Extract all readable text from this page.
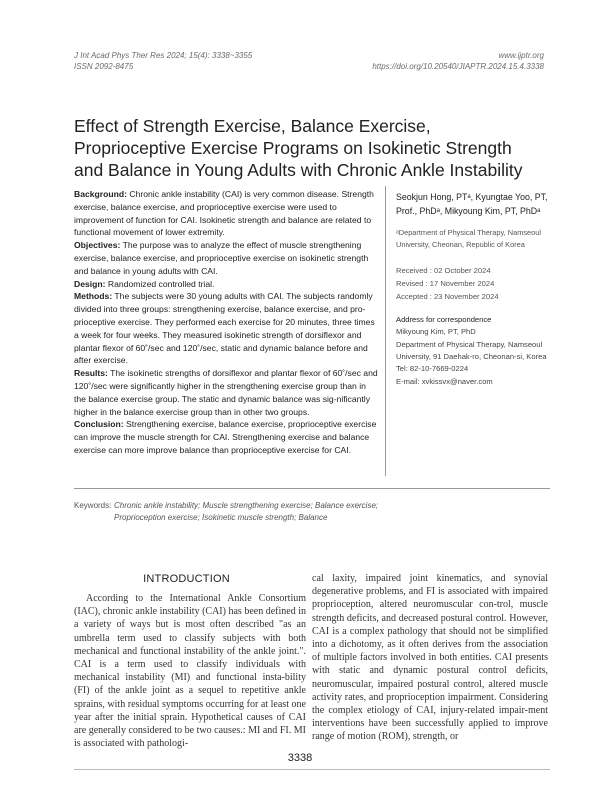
J Int Acad Phys Ther Res 2024; 15(4): 3338~3355
ISSN 2092-8475
www.ijptr.org
https://doi.org/10.20540/JIAPTR.2024.15.4.3338
Effect of Strength Exercise, Balance Exercise, Proprioceptive Exercise Programs on Isokinetic Strength and Balance in Young Adults with Chronic Ankle Instability

Background: Chronic ankle instability (CAI) is very common disease. Strength exercise, balance exercise, and proprioceptive exercise were used to improvement of function for CAI. Isokinetic strength and balance are related to functional movement of lower extremity.

Objectives: The purpose was to analyze the effect of muscle strengthening exercise, balance exercise, and proprioceptive exercise on isokinetic strength and balance in young adults with CAI.

Design: Randomized controlled trial.

Methods: The subjects were 30 young adults with CAI. The subjects randomly divided into three groups: strengthening exercise, balance exercise, and pro-prioceptive exercise. They performed each exercise for 20 minutes, three times a week for four weeks. They measured isokinetic strength of dorsiflexor and plantar flexor of 60˚/sec and 120˚/sec, static and dynamic balance before and after exercise.

Results: The isokinetic strengths of dorsiflexor and plantar flexor of 60˚/sec and 120˚/sec were significantly higher in the strengthening exercise group than in the balance exercise group. The static and dynamic balance was sig-nificantly higher in the balance exercise group than in other two groups.

Conclusion: Strengthening exercise, balance exercise, proprioceptive exercise can improve the muscle strength for CAI. Strengthening exercise and balance exercise can more improve balance than proprioceptive exercise for CAI.

Seokjun Hong, PTᵃ, Kyungtae Yoo, PT, Prof., PhDᵃ, Mikyoung Kim, PT, PhDᵃ
ᵃDepartment of Physical Therapy, Namseoul University, Cheonan, Republic of Korea
Received : 02 October 2024
Revised : 17 November 2024
Accepted : 23 November 2024
Address for correspondence
Mikyoung Kim, PT, PhD
Department of Physical Therapy, Namseoul University, 91 Daehak-ro, Cheonan-si, Korea
Tel: 82-10-7669-0224
E-mail: xvkissvx@naver.com
Keywords: Chronic ankle instability; Muscle strengthening exercise; Balance exercise;
Proprioception exercise; Isokinetic muscle strength; Balance
INTRODUCTION

According to the International Ankle Consortium (IAC), chronic ankle instability (CAI) has been defined in a variety of ways but is most often described "as an umbrella term used to classify subjects with both mechanical and functional instability of the ankle joint.". CAI is a term used to classify individuals with mechanical instability (MI) and functional insta-bility (FI) of the ankle joint as a sequel to repetitive ankle sprains, with residual symptoms occurring for at least one year after the initial sprain. Hypothetical causes of CAI are generally considered to be two causes.: MI and FI. MI is associated with pathologi-

cal laxity, impaired joint kinematics, and synovial degenerative problems, and FI is associated with impaired proprioception, altered neuromuscular con-trol, muscle strength deficits, and decreased postural control. However, CAI is a complex pathology that should not be simplified into a dichotomy, as it often derives from the association of multiple factors involved in both entities. CAI presents with static and dynamic postural control deficits, neuromuscular, impaired postural control, altered muscle activity rates, and proprioception impairment. Considering the complex etiology of CAI, injury-related impair-ment interventions have been successfully applied to improve range of motion (ROM), strength, or

3338
